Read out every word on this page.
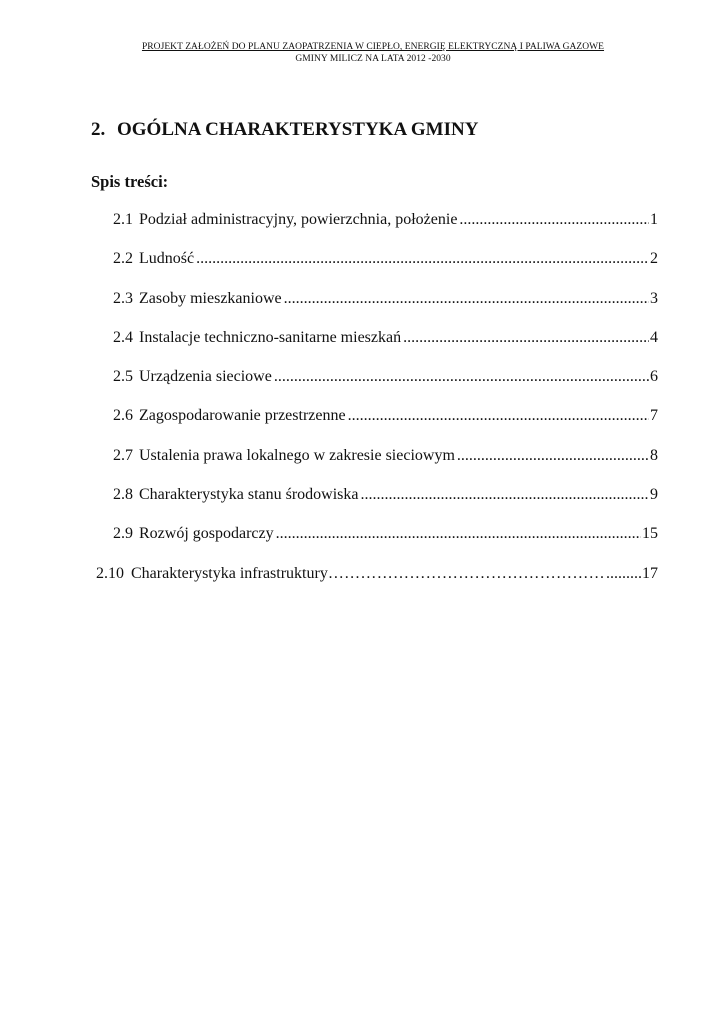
PROJEKT ZAŁOŻEŃ DO PLANU ZAOPATRZENIA W CIEPŁO, ENERGIĘ ELEKTRYCZNĄ I PALIWA GAZOWE
GMINY MILICZ NA LATA 2012 -2030
2. OGÓLNA CHARAKTERYSTYKA GMINY
Spis treści:
2.1 Podział administracyjny, powierzchnia, położenie .....	1
2.2 Ludność .....	2
2.3 Zasoby mieszkaniowe .....	3
2.4 Instalacje techniczno-sanitarne mieszkań .....	4
2.5 Urządzenia sieciowe .....	6
2.6 Zagospodarowanie przestrzenne .....	7
2.7 Ustalenia prawa lokalnego w zakresie sieciowym .....	8
2.8 Charakterystyka stanu środowiska .....	9
2.9 Rozwój gospodarczy .....	15
2.10 Charakterystyka infrastruktury ………………………………………………………………………………………………………………………………………………	......... 17
